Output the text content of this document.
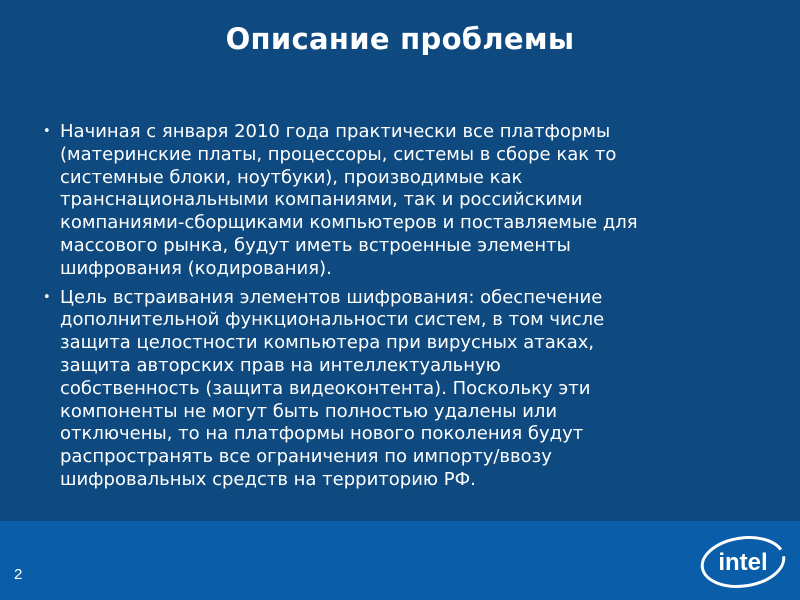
Описание проблемы
• Начиная с января 2010 года практически все платформы
(материнские платы, процессоры, системы в сборе как то
системные блоки, ноутбуки), производимые как
транснациональными компаниями, так и российскими
компаниями-сборщиками компьютеров и поставляемые для
массового рынка, будут иметь встроенные элементы
шифрования (кодирования).
• Цель встраивания элементов шифрования: обеспечение
дополнительной функциональности систем, в том числе
защита целостности компьютера при вирусных атаках,
защита авторских прав на интеллектуальную
собственность (защита видеоконтента). Поскольку эти
компоненты не могут быть полностью удалены или
отключены, то на платформы нового поколения будут
распространять все ограничения по импорту/ввозу
шифровальных средств на территорию РФ.
2	intel
